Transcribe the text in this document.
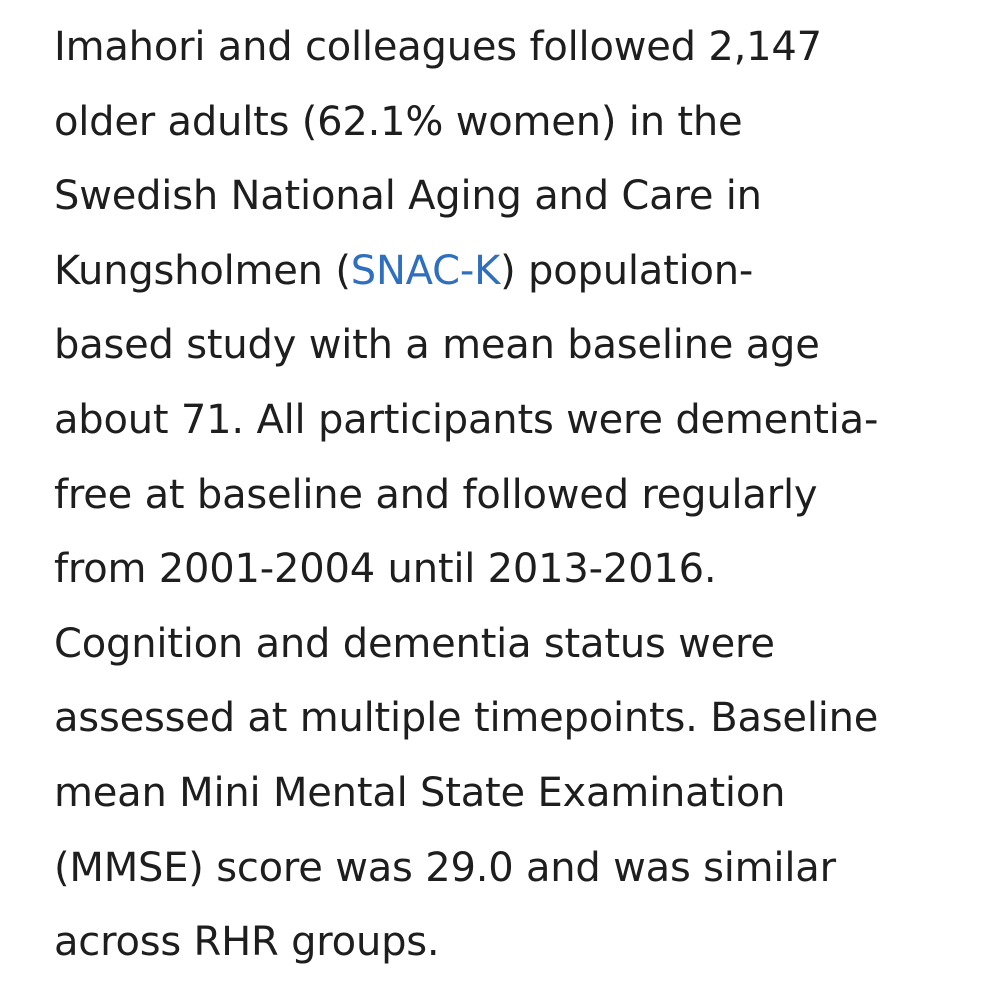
Imahori and colleagues followed 2,147
older adults (62.1% women) in the
Swedish National Aging and Care in
Kungsholmen (SNAC-K) population-
based study with a mean baseline age
about 71. All participants were dementia-
free at baseline and followed regularly
from 2001-2004 until 2013-2016.
Cognition and dementia status were
assessed at multiple timepoints. Baseline
mean Mini Mental State Examination
(MMSE) score was 29.0 and was similar
across RHR groups.
